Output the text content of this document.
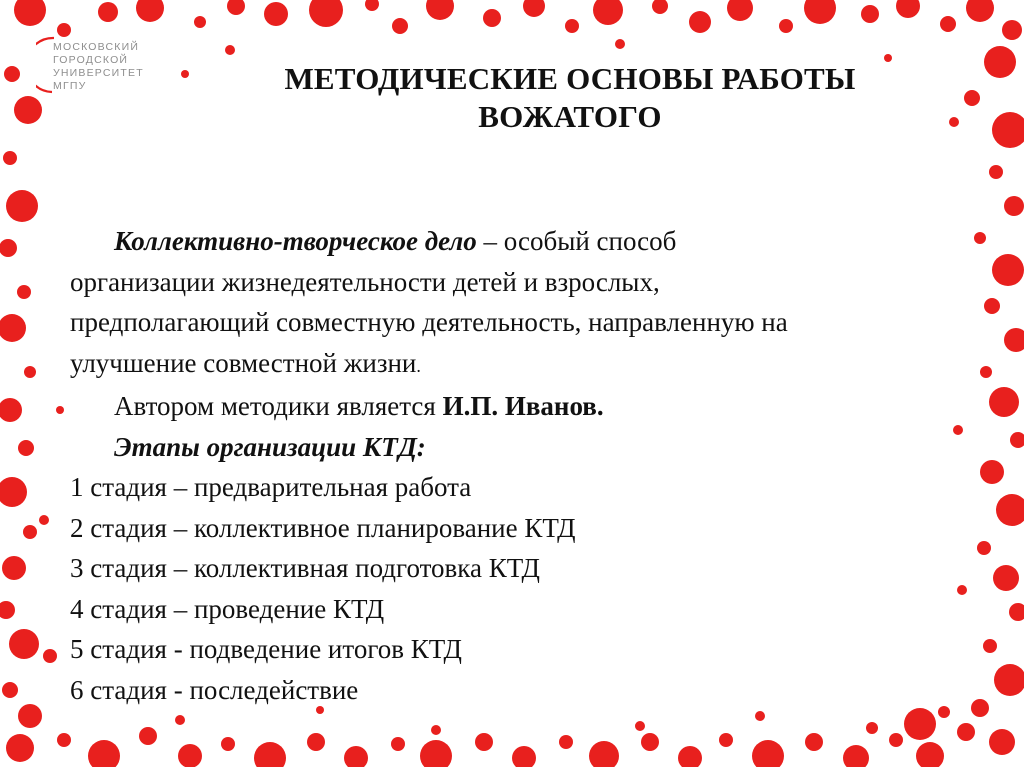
МОСКОВСКИЙ
ГОРОДСКОЙ
УНИВЕРСИТЕТ
МГПУ	МЕТОДИЧЕСКИЕ ОСНОВЫ РАБОТЫ
ВОЖАТОГО
Коллективно-творческое дело – особый способ
организации жизнедеятельности детей и взрослых,
предполагающий совместную деятельность, направленную на
улучшение совместной жизни.
Автором методики является И.П. Иванов.
Этапы организации КТД:
1 стадия – предварительная работа
2 стадия – коллективное планирование КТД
3 стадия – коллективная подготовка КТД
4 стадия – проведение КТД
5 стадия - подведение итогов КТД
6 стадия - последействие
